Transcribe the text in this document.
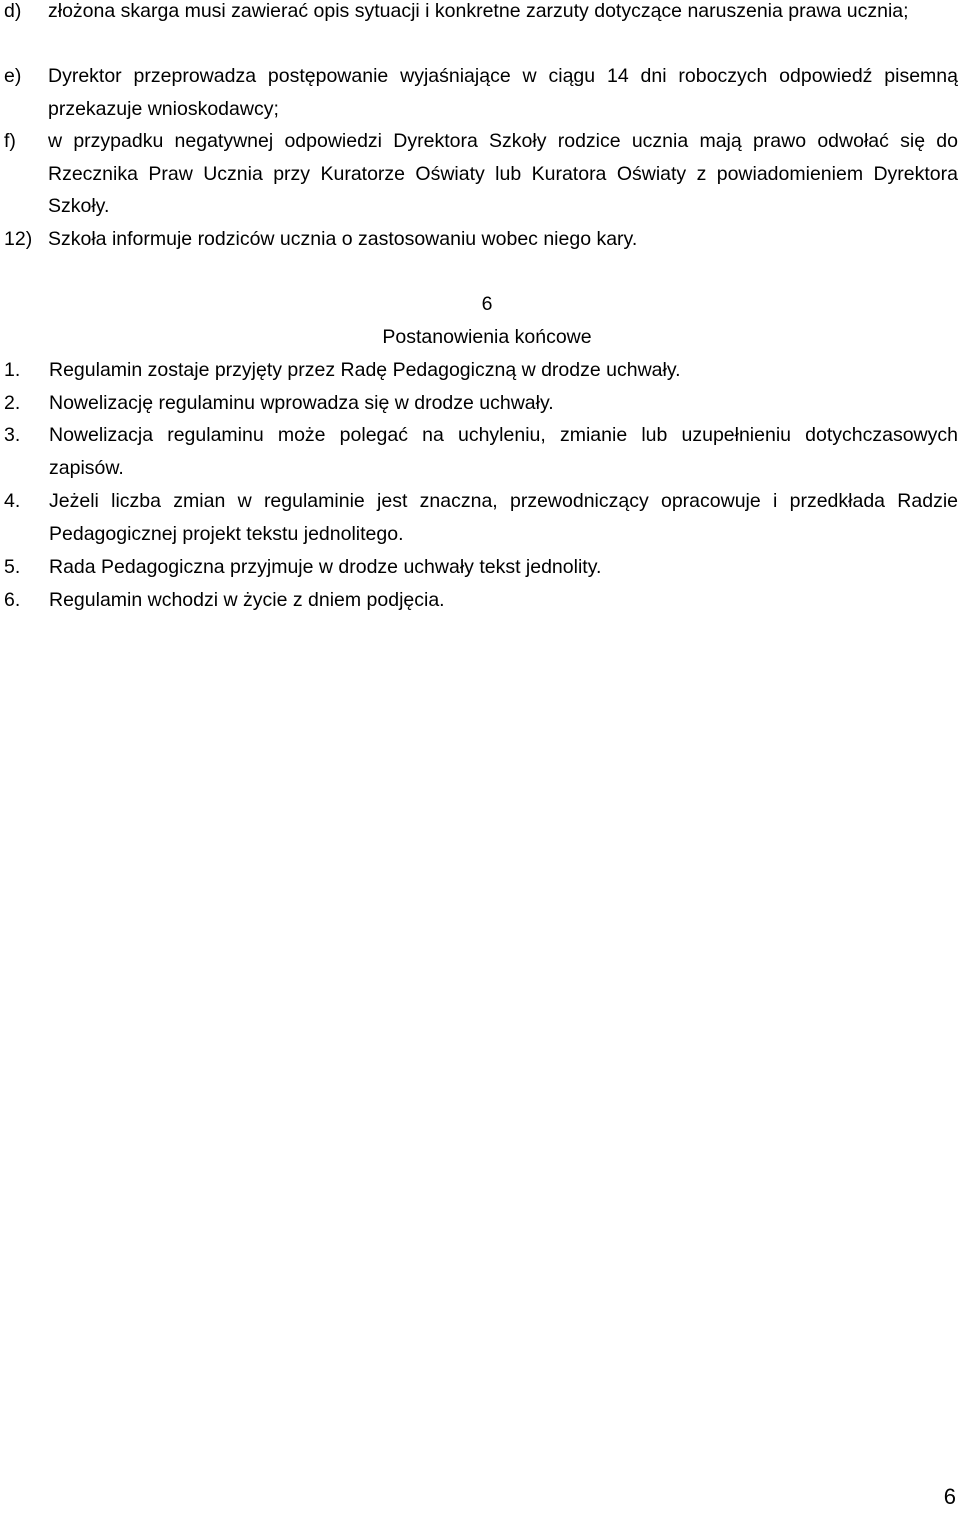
d) złożona skarga musi zawierać opis sytuacji i konkretne zarzuty dotyczące naruszenia prawa ucznia;
e) Dyrektor przeprowadza postępowanie wyjaśniające w ciągu 14 dni roboczych odpowiedź pisemną przekazuje wnioskodawcy;
f) w przypadku negatywnej odpowiedzi Dyrektora Szkoły rodzice ucznia mają prawo odwołać się do Rzecznika Praw Ucznia przy Kuratorze Oświaty lub Kuratora Oświaty z powiadomieniem Dyrektora Szkoły.
12) Szkoła informuje rodziców ucznia o zastosowaniu wobec niego kary.
6
Postanowienia końcowe
1. Regulamin zostaje przyjęty przez Radę Pedagogiczną w drodze uchwały.
2. Nowelizację regulaminu wprowadza się w drodze uchwały.
3. Nowelizacja regulaminu może polegać na uchyleniu, zmianie lub uzupełnieniu dotychczasowych zapisów.
4. Jeżeli liczba zmian w regulaminie jest znaczna, przewodniczący opracowuje i przedkłada Radzie Pedagogicznej projekt tekstu jednolitego.
5. Rada Pedagogiczna przyjmuje w drodze uchwały tekst jednolity.
6. Regulamin wchodzi w życie z dniem podjęcia.
6
